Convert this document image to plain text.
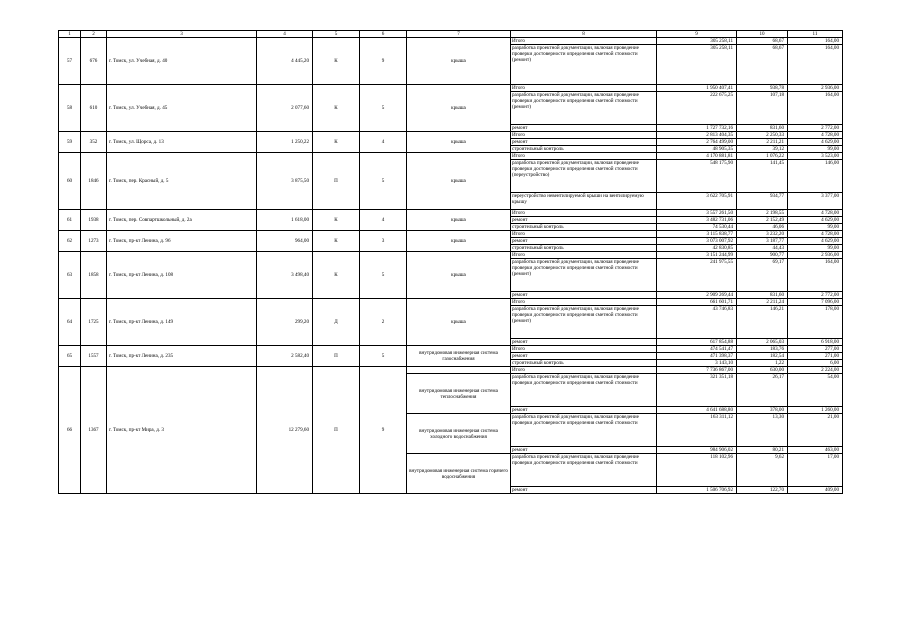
1	2	3	4	5	6	7	8	9	10	11
57	676	г. Томск, ул. Учебная, д. 40	4 445,20	К	9	крыша	Итого	305 258,11	68,67	164,00
							разработка проектной документации, включая проведение проверки достоверности определения сметной стоимости (ремонт)	305 258,11	68,67	164,00
58	610	г. Томск, ул. Учебная, д. 45	2 077,60	К	5	крыша	Итого	1 950 407,41	938,78	2 936,00
							разработка проектной документации, включая проведение проверки достоверности определения сметной стоимости (ремонт)	222 675,25	107,18	164,00
							ремонт	1 727 732,16	831,60	2 772,00
59	352	г. Томск, ул. Щорса, д. 13	1 250,22	К	4	крыша	Итого	2 813 404,35	2 250,33	4 728,00
							ремонт	2 764 499,00	2 211,21	4 629,00
							строительный контроль	48 905,35	39,12	99,00
60	1846	г. Томск, пер. Красный, д. 5	3 875,50	П	5	крыша	Итого	4 170 881,81	1 076,22	3 523,00
							разработка проектной документации, включая проведение проверки достоверности определения сметной стоимости (переустройство)	548 175,90	141,45	146,00
							переустройство невентилируемой крыши на вентилируемую крышу	3 622 705,91	934,77	3 377,00
61	1938	г. Томск, пер. Совпартшкольный, д. 2а	1 618,00	К	4	крыша	Итого	3 557 261,50	2 198,55	4 728,00
							ремонт	3 482 731,06	2 152,49	4 629,00
							строительный контроль	74 530,44	46,06	99,00
62	1273	г. Томск, пр-кт Ленина, д. 96	964,00	К	3	крыша	Итого	3 115 838,77	3 232,20	4 728,00
							ремонт	3 073 007,92	3 187,77	4 629,00
							строительный контроль	42 830,85	44,43	99,00
63	1858	г. Томск, пр-кт Ленина, д. 108	3 498,40	К	5	крыша	Итого	3 151 244,99	900,77	2 936,00
							разработка проектной документации, включая проведение проверки достоверности определения сметной стоимости (ремонт)	241 975,55	69,17	164,00
							ремонт	2 909 269,44	831,60	2 772,00
64	1725	г. Томск, пр-кт Ленина, д. 149	299,20	Д	2	крыша	Итого	661 601,71	2 211,24	7 096,00
							разработка проектной документации, включая проведение проверки достоверности определения сметной стоимости (ремонт)	43 746,83	146,21	178,00
							ремонт	617 854,88	2 065,03	6 918,00
65	1557	г. Томск, пр-кт Ленина, д. 235	2 582,40	П	5	внутридомовая инженерная система газоснабжения	Итого	474 541,47	183,76	277,00
							ремонт	471 398,37	182,54	271,00
							строительный контроль	3 143,10	1,22	6,00
66	1367	г. Томск, пр-кт Мира, д. 3	12 279,60	П	9		Итого	7 736 867,00	630,00	2 224,00
						внутридомовая инженерная система теплоснабжения	разработка проектной документации, включая проведение проверки достоверности определения сметной стоимости	321 351,18	26,17	54,00
							ремонт	4 641 688,80	378,00	1 260,00
						внутридомовая инженерная система холодного водоснабжения	разработка проектной документации, включая проведение проверки достоверности определения сметной стоимости	163 311,12	13,30	21,00
							ремонт	984 906,02	80,21	463,00
						внутридомовая инженерная система горячего водоснабжения	разработка проектной документации, включая проведение проверки достоверности определения сметной стоимости	118 102,96	9,62	17,00
							ремонт	1 506 706,92	122,70	409,00
